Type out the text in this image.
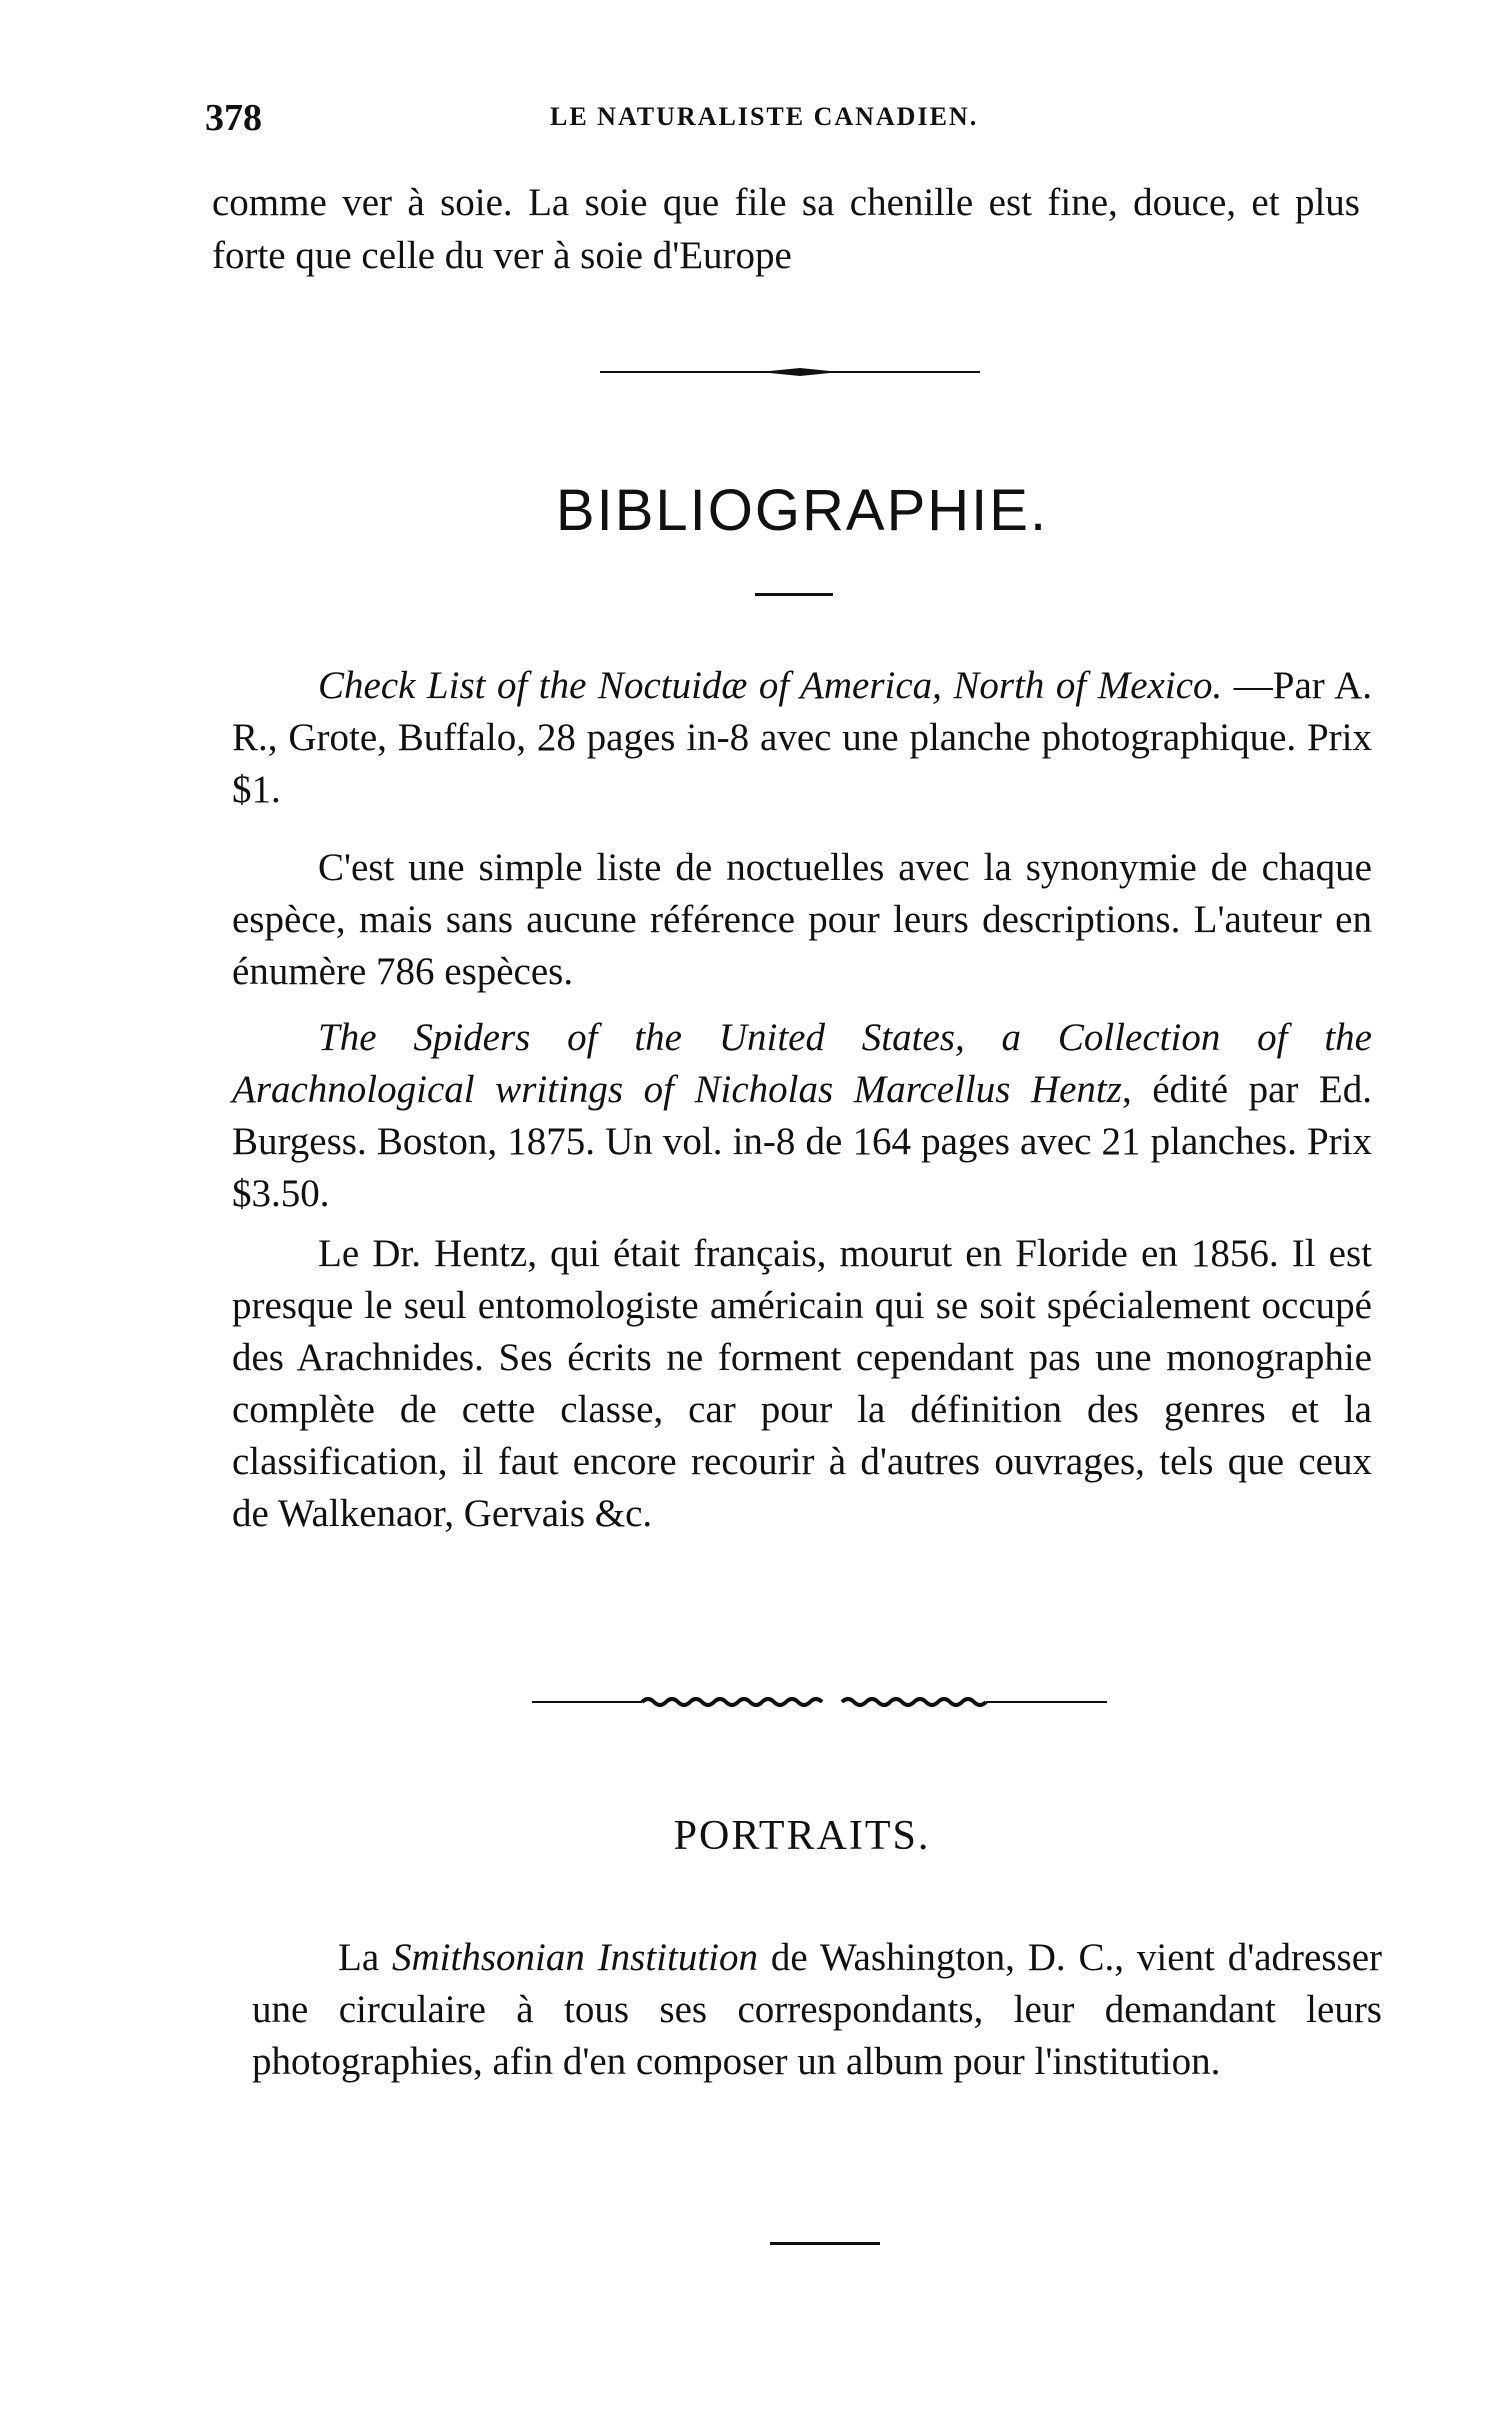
378	LE NATURALISTE CANADIEN.
comme ver à soie. La soie que file sa chenille est fine, douce, et plus forte que celle du ver à soie d'Europe
BIBLIOGRAPHIE.
Check List of the Noctuidæ of America, North of Mexico. —Par A. R., Grote, Buffalo, 28 pages in-8 avec une planche photographique. Prix $1.
C'est une simple liste de noctuelles avec la synonymie de chaque espèce, mais sans aucune référence pour leurs descriptions. L'auteur en énumère 786 espèces.
The Spiders of the United States, a Collection of the Arachnological writings of Nicholas Marcellus Hentz, édité par Ed. Burgess. Boston, 1875. Un vol. in-8 de 164 pages avec 21 planches. Prix $3.50.
Le Dr. Hentz, qui était français, mourut en Floride en 1856. Il est presque le seul entomologiste américain qui se soit spécialement occupé des Arachnides. Ses écrits ne forment cependant pas une monographie complète de cette classe, car pour la définition des genres et la classification, il faut encore recourir à d'autres ouvrages, tels que ceux de Walkenaor, Gervais &c.
PORTRAITS.
La Smithsonian Institution de Washington, D. C., vient d'adresser une circulaire à tous ses correspondants, leur demandant leurs photographies, afin d'en composer un album pour l'institution.
